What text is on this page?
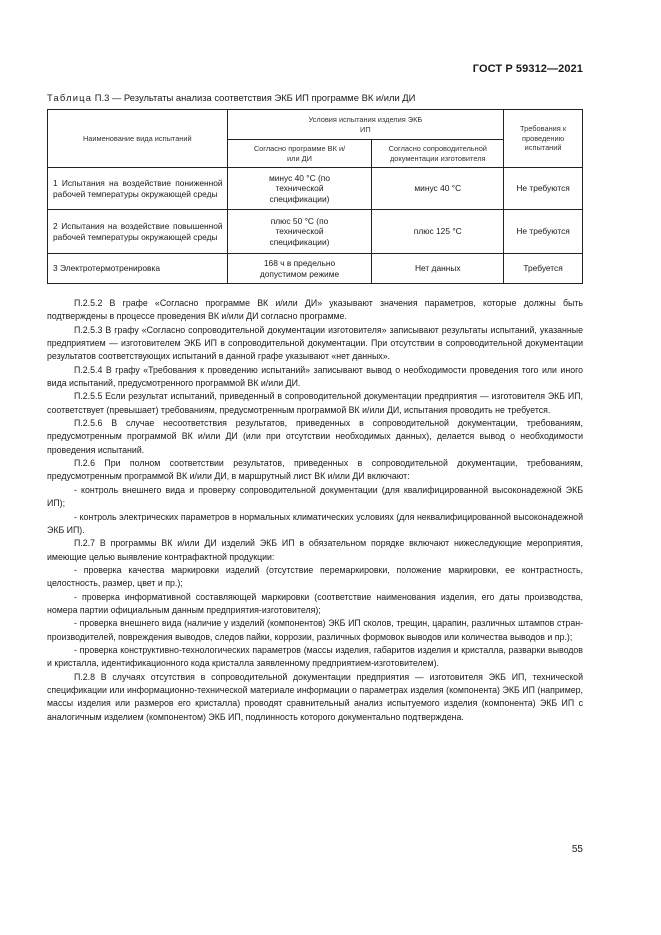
ГОСТ Р 59312—2021
Таблица П.3 — Результаты анализа соответствия ЭКБ ИП программе ВК и/или ДИ
Наименование вида испытаний	Условия испытания изделия ЭКБ ИП		Требования к проведению испытаний
	Согласно программе ВК и/или ДИ	Согласно сопроводительной документации изготовителя	
1 Испытания на воздействие пониженной рабочей температуры окружающей среды	минус 40 °С (по технической спецификации)	минус 40 °С	Не требуются
2 Испытания на воздействие повышенной рабочей температуры окружающей среды	плюс 50 °С (по технической спецификации)	плюс 125 °С	Не требуются
3 Электротермотренировка	168 ч в предельно допустимом режиме	Нет данных	Требуется

П.2.5.2 В графе «Согласно программе ВК и/или ДИ» указывают значения параметров, которые должны быть подтверждены в процессе проведения ВК и/или ДИ согласно программе.

П.2.5.3 В графу «Согласно сопроводительной документации изготовителя» записывают результаты испытаний, указанные предприятием — изготовителем ЭКБ ИП в сопроводительной документации. При отсутствии в сопроводительной документации результатов соответствующих испытаний в данной графе указывают «нет данных».

П.2.5.4 В графу «Требования к проведению испытаний» записывают вывод о необходимости проведения того или иного вида испытаний, предусмотренного программой ВК и/или ДИ.

П.2.5.5 Если результат испытаний, приведенный в сопроводительной документации предприятия — изготовителя ЭКБ ИП, соответствует (превышает) требованиям, предусмотренным программой ВК и/или ДИ, испытания проводить не требуется.

П.2.5.6 В случае несоответствия результатов, приведенных в сопроводительной документации, требованиям, предусмотренным программой ВК и/или ДИ (или при отсутствии необходимых данных), делается вывод о необходимости проведения испытаний.

П.2.6 При полном соответствии результатов, приведенных в сопроводительной документации, требованиям, предусмотренным программой ВК и/или ДИ, в маршрутный лист ВК и/или ДИ включают:

- контроль внешнего вида и проверку сопроводительной документации (для квалифицированной высоконадежной ЭКБ ИП);

- контроль электрических параметров в нормальных климатических условиях (для неквалифицированной высоконадежной ЭКБ ИП).

П.2.7 В программы ВК и/или ДИ изделий ЭКБ ИП в обязательном порядке включают нижеследующие мероприятия, имеющие целью выявление контрафактной продукции:

- проверка качества маркировки изделий (отсутствие перемаркировки, положение маркировки, ее контрастность, целостность, размер, цвет и пр.);

- проверка информативной составляющей маркировки (соответствие наименования изделия, его даты производства, номера партии официальным данным предприятия-изготовителя);

- проверка внешнего вида (наличие у изделий (компонентов) ЭКБ ИП сколов, трещин, царапин, различных штампов стран-производителей, повреждения выводов, следов пайки, коррозии, различных формовок выводов или количества выводов и пр.);

- проверка конструктивно-технологических параметров (массы изделия, габаритов изделия и кристалла, разварки выводов и кристалла, идентификационного кода кристалла заявленному предприятием-изготовителем).

П.2.8 В случаях отсутствия в сопроводительной документации предприятия — изготовителя ЭКБ ИП, технической спецификации или информационно-технической материале информации о параметрах изделия (компонента) ЭКБ ИП (например, массы изделия или размеров его кристалла) проводят сравнительный анализ испытуемого изделия (компонента) ЭКБ ИП с аналогичным изделием (компонентом) ЭКБ ИП, подлинность которого документально подтверждена.

55
